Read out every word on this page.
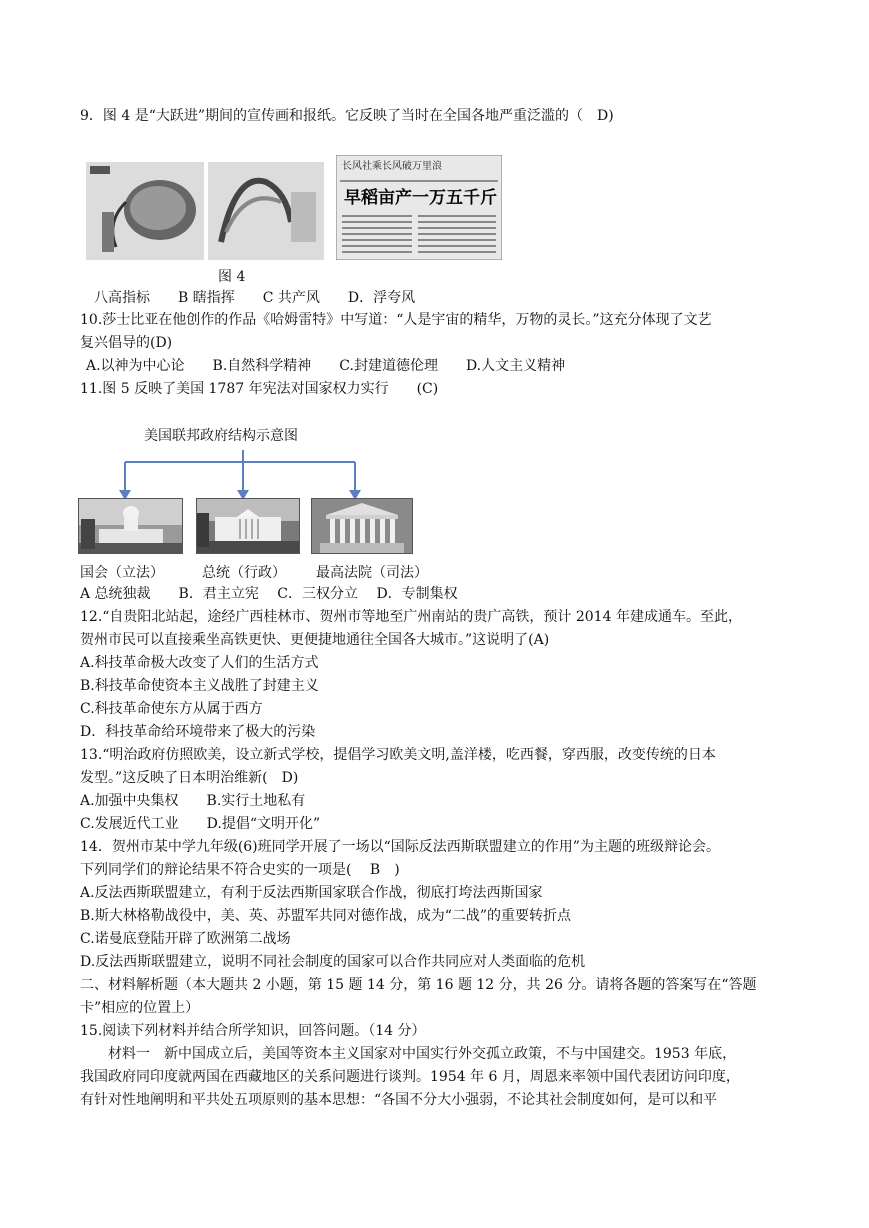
9．图 4 是“大跃进”期间的宣传画和报纸。它反映了当时在全国各地严重泛滥的（　D)
长风社乘长风破万里浪
早稻亩产一万五千斤
图 4
八高指标　　B 瞎指挥　　C 共产风　　D．浮夸风
10.莎士比亚在他创作的作品《哈姆雷特》中写道：“人是宇宙的精华，万物的灵长。”这充分体现了文艺
复兴倡导的(D)
A.以神为中心论　　B.自然科学精神　　C.封建道德伦理　　D.人文主义精神
11.图 5 反映了美国 1787 年宪法对国家权力实行　　(C)
美国联邦政府结构示意图
国会（立法）	总统（行政） 最高法院（司法）
A 总统独裁　　B．君主立宪　 C．三权分立　 D．专制集权
12.“自贵阳北站起，途经广西桂林市、贺州市等地至广州南站的贵广高铁，预计 2014 年建成通车。至此，
贺州市民可以直接乘坐高铁更快、更便捷地通往全国各大城市。”这说明了(A)
A.科技革命极大改变了人们的生活方式
B.科技革命使资本主义战胜了封建主义
C.科技革命使东方从属于西方
D．科技革命给环境带来了极大的污染
13.“明治政府仿照欧美，设立新式学校，提倡学习欧美文明,盖洋楼，吃西餐，穿西服，改变传统的日本
发型。”这反映了日本明治维新(　D)
A.加强中央集权　　B.实行土地私有
C.发展近代工业　　D.提倡“文明开化”
14．贺州市某中学九年级(6)班同学开展了一场以“国际反法西斯联盟建立的作用”为主题的班级辩论会。
下列同学们的辩论结果不符合史实的一项是(　 B　)
A.反法西斯联盟建立，有利于反法西斯国家联合作战，彻底打垮法西斯国家
B.斯大林格勒战役中，美、英、苏盟军共同对德作战，成为“二战”的重要转折点
C.诺曼底登陆开辟了欧洲第二战场
D.反法西斯联盟建立，说明不同社会制度的国家可以合作共同应对人类面临的危机
二、材料解析题（本大题共 2 小题，第 15 题 14 分，第 16 题 12 分，共 26 分。请将各题的答案写在“答题
卡”相应的位置上）
15.阅读下列材料并结合所学知识，回答问题。（14 分）
　　材料一　新中国成立后，美国等资本主义国家对中国实行外交孤立政策，不与中国建交。1953 年底，
我国政府同印度就两国在西藏地区的关系问题进行谈判。1954 年 6 月，周恩来率领中国代表团访问印度，
有针对性地阐明和平共处五项原则的基本思想：“各国不分大小强弱，不论其社会制度如何，是可以和平
